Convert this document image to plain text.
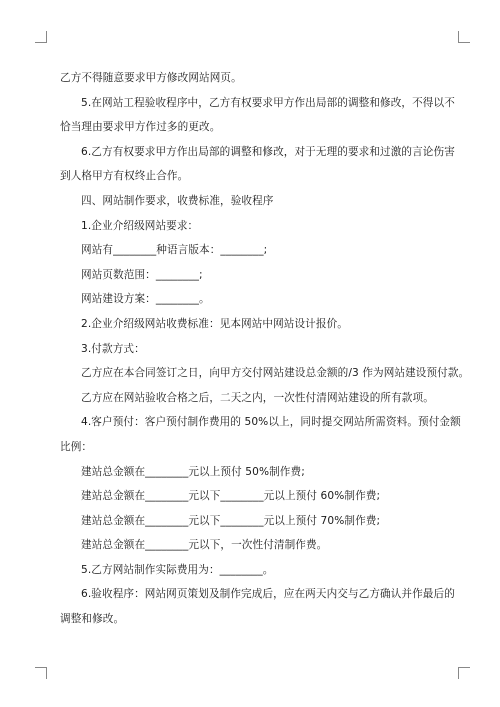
乙方不得随意要求甲方修改网站网页。
5.在网站工程验收程序中，乙方有权要求甲方作出局部的调整和修改，不得以不
恰当理由要求甲方作过多的更改。
6.乙方有权要求甲方作出局部的调整和修改，对于无理的要求和过激的言论伤害
到人格甲方有权终止合作。
四、网站制作要求，收费标准，验收程序
1.企业介绍级网站要求：
网站有________种语言版本：________;
网站页数范围：________;
网站建设方案：________。
2.企业介绍级网站收费标准：见本网站中网站设计报价。
3.付款方式：
乙方应在本合同签订之日，向甲方交付网站建设总金额的/3 作为网站建设预付款。
乙方应在网站验收合格之后，二天之内，一次性付清网站建设的所有款项。
4.客户预付：客户预付制作费用的 50%以上，同时提交网站所需资料。预付金额
比例：
建站总金额在________元以上预付 50%制作费;
建站总金额在________元以下________元以上预付 60%制作费;
建站总金额在________元以下________元以上预付 70%制作费;
建站总金额在________元以下，一次性付清制作费。
5.乙方网站制作实际费用为：________。
6.验收程序：网站网页策划及制作完成后，应在两天内交与乙方确认并作最后的
调整和修改。
